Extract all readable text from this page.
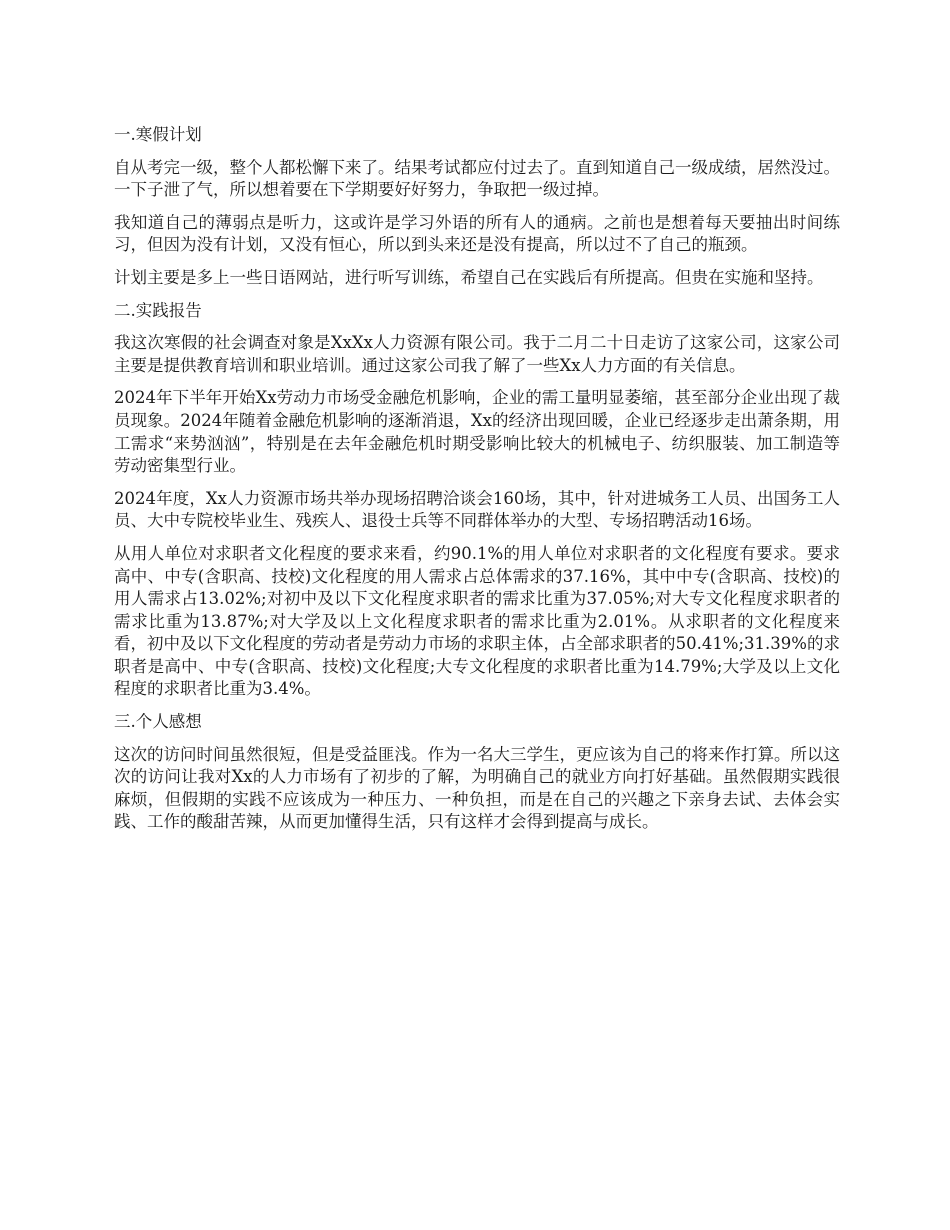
一.寒假计划

自从考完一级，整个人都松懈下来了。结果考试都应付过去了。直到知道自己一级成绩，居然没过。一下子泄了气，所以想着要在下学期要好好努力，争取把一级过掉。

我知道自己的薄弱点是听力，这或许是学习外语的所有人的通病。之前也是想着每天要抽出时间练习，但因为没有计划，又没有恒心，所以到头来还是没有提高，所以过不了自己的瓶颈。

计划主要是多上一些日语网站，进行听写训练，希望自己在实践后有所提高。但贵在实施和坚持。

二.实践报告

我这次寒假的社会调查对象是XxXx人力资源有限公司。我于二月二十日走访了这家公司，这家公司主要是提供教育培训和职业培训。通过这家公司我了解了一些Xx人力方面的有关信息。

2024年下半年开始Xx劳动力市场受金融危机影响，企业的需工量明显萎缩，甚至部分企业出现了裁员现象。2024年随着金融危机影响的逐渐消退，Xx的经济出现回暖，企业已经逐步走出萧条期，用工需求“来势汹汹”，特别是在去年金融危机时期受影响比较大的机械电子、纺织服装、加工制造等劳动密集型行业。

2024年度，Xx人力资源市场共举办现场招聘洽谈会160场，其中，针对进城务工人员、出国务工人员、大中专院校毕业生、残疾人、退役士兵等不同群体举办的大型、专场招聘活动16场。

从用人单位对求职者文化程度的要求来看，约90.1%的用人单位对求职者的文化程度有要求。要求高中、中专(含职高、技校)文化程度的用人需求占总体需求的37.16%，其中中专(含职高、技校)的用人需求占13.02%;对初中及以下文化程度求职者的需求比重为37.05%;对大专文化程度求职者的需求比重为13.87%;对大学及以上文化程度求职者的需求比重为2.01%。从求职者的文化程度来看，初中及以下文化程度的劳动者是劳动力市场的求职主体，占全部求职者的50.41%;31.39%的求职者是高中、中专(含职高、技校)文化程度;大专文化程度的求职者比重为14.79%;大学及以上文化程度的求职者比重为3.4%。

三.个人感想

这次的访问时间虽然很短，但是受益匪浅。作为一名大三学生，更应该为自己的将来作打算。所以这次的访问让我对Xx的人力市场有了初步的了解，为明确自己的就业方向打好基础。虽然假期实践很麻烦，但假期的实践不应该成为一种压力、一种负担，而是在自己的兴趣之下亲身去试、去体会实践、工作的酸甜苦辣，从而更加懂得生活，只有这样才会得到提高与成长。
